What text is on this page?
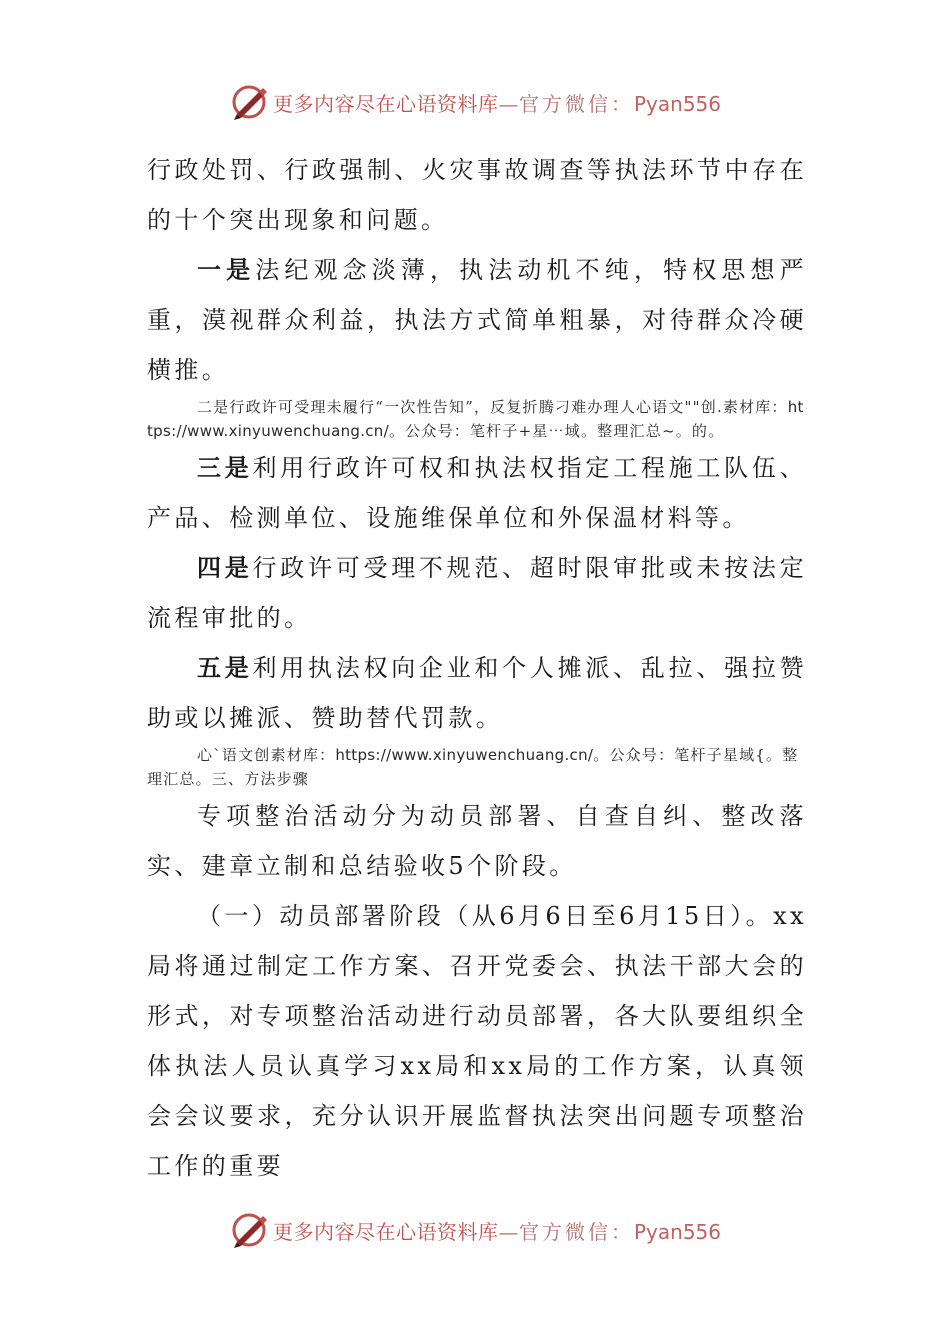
更多内容尽在心语资料库—官方微信：Pyan556

行政处罚、行政强制、火灾事故调查等执法环节中存在的十个突出现象和问题。

一是法纪观念淡薄，执法动机不纯，特权思想严重，漠视群众利益，执法方式简单粗暴，对待群众冷硬横推。

二是行政许可受理未履行“一次性告知”，反复折腾刁难办理人心语文""创.素材库：https://www.xinyuwenchuang.cn/。公众号：笔杆子+星⋯域。整理汇总~。的。

三是利用行政许可权和执法权指定工程施工队伍、产品、检测单位、设施维保单位和外保温材料等。

四是行政许可受理不规范、超时限审批或未按法定流程审批的。

五是利用执法权向企业和个人摊派、乱拉、强拉赞助或以摊派、赞助替代罚款。

心`语文创素材库：https://www.xinyuwenchuang.cn/。公众号：笔杆子星域{。整理汇总。三、方法步骤

专项整治活动分为动员部署、自查自纠、整改落实、建章立制和总结验收5个阶段。

（一）动员部署阶段（从6月6日至6月15日）。xx局将通过制定工作方案、召开党委会、执法干部大会的形式，对专项整治活动进行动员部署，各大队要组织全体执法人员认真学习xx局和xx局的工作方案，认真领会会议要求，充分认识开展监督执法突出问题专项整治工作的重要

更多内容尽在心语资料库—官方微信：Pyan556
